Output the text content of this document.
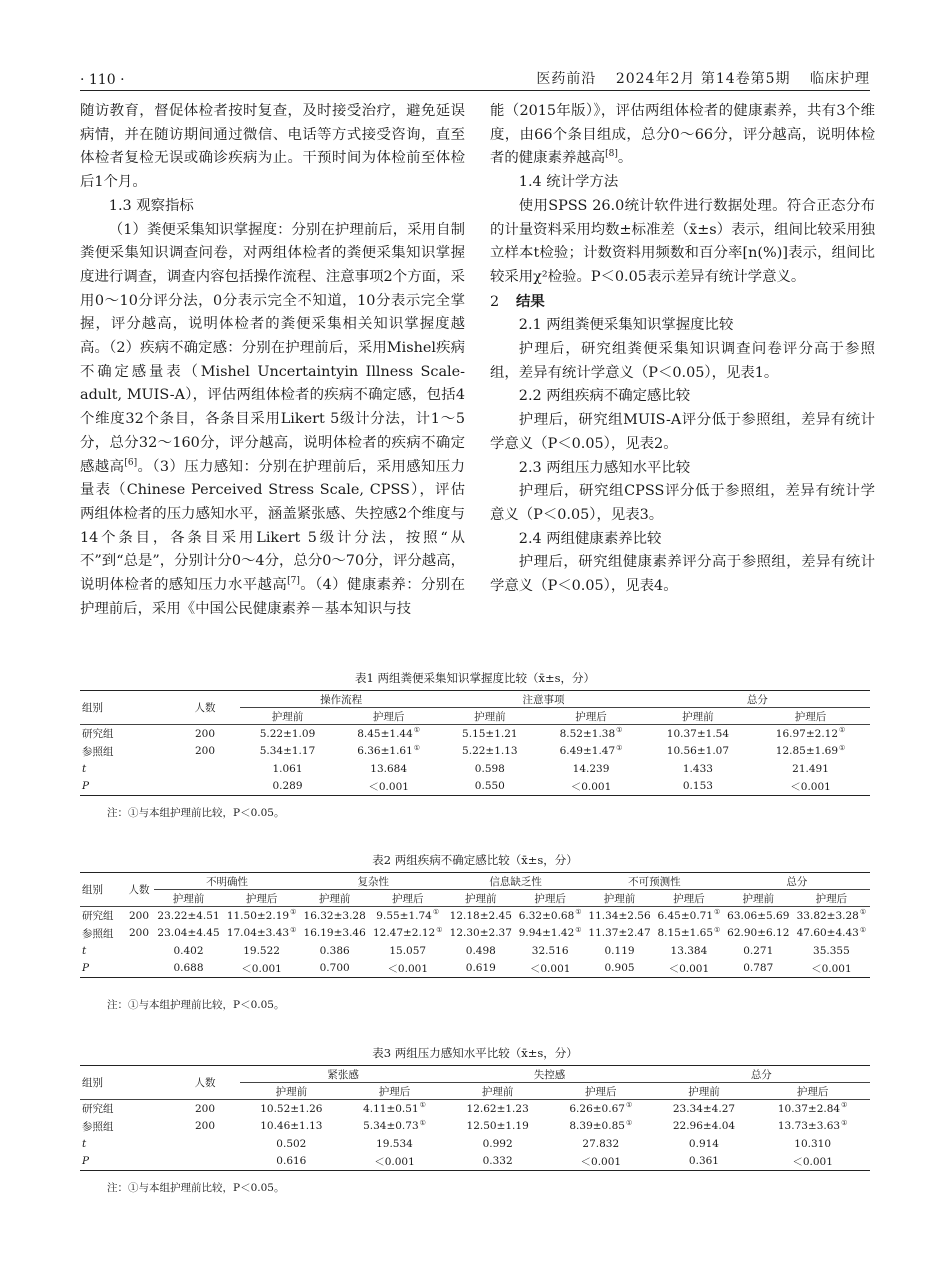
· 110 ·	医药前沿 2024年2月 第14卷第5期 临床护理

随访教育，督促体检者按时复查，及时接受治疗，避免延误病情，并在随访期间通过微信、电话等方式接受咨询，直至体检者复检无误或确诊疾病为止。干预时间为体检前至体检后1个月。

1.3 观察指标

（1）粪便采集知识掌握度：分别在护理前后，采用自制粪便采集知识调查问卷，对两组体检者的粪便采集知识掌握度进行调查，调查内容包括操作流程、注意事项2个方面，采用0～10分评分法，0分表示完全不知道，10分表示完全掌握，评分越高，说明体检者的粪便采集相关知识掌握度越高。（2）疾病不确定感：分别在护理前后，采用Mishel疾病不确定感量表（Mishel Uncertaintyin Illness Scale-adult, MUIS-A），评估两组体检者的疾病不确定感，包括4个维度32个条目，各条目采用Likert 5级计分法，计1～5分，总分32～160分，评分越高，说明体检者的疾病不确定感越高[6]。（3）压力感知：分别在护理前后，采用感知压力量表（Chinese Perceived Stress Scale, CPSS），评估两组体检者的压力感知水平，涵盖紧张感、失控感2个维度与14个条目，各条目采用Likert 5级计分法，按照“从不”到“总是”，分别计分0～4分，总分0～70分，评分越高，说明体检者的感知压力水平越高[7]。（4）健康素养：分别在护理前后，采用《中国公民健康素养－基本知识与技

能（2015年版）》，评估两组体检者的健康素养，共有3个维度，由66个条目组成，总分0～66分，评分越高，说明体检者的健康素养越高[8]。

1.4 统计学方法

使用SPSS 26.0统计软件进行数据处理。符合正态分布的计量资料采用均数±标准差（x̄±s）表示，组间比较采用独立样本t检验；计数资料用频数和百分率[n(%)]表示，组间比较采用χ²检验。P＜0.05表示差异有统计学意义。

2 结果

2.1 两组粪便采集知识掌握度比较

护理后，研究组粪便采集知识调查问卷评分高于参照组，差异有统计学意义（P＜0.05），见表1。

2.2 两组疾病不确定感比较

护理后，研究组MUIS-A评分低于参照组，差异有统计学意义（P＜0.05），见表2。

2.3 两组压力感知水平比较

护理后，研究组CPSS评分低于参照组，差异有统计学意义（P＜0.05），见表3。

2.4 两组健康素养比较

护理后，研究组健康素养评分高于参照组，差异有统计学意义（P＜0.05），见表4。

表1 两组粪便采集知识掌握度比较（x̄±s，分）
组别	人数	操作流程		注意事项		总分	
		护理前	护理后	护理前	护理后	护理前	护理后
研究组	200	5.22±1.09	8.45±1.44①	5.15±1.21	8.52±1.38①	10.37±1.54	16.97±2.12①
参照组	200	5.34±1.17	6.36±1.61①	5.22±1.13	6.49±1.47①	10.56±1.07	12.85±1.69①
t		1.061	13.684	0.598	14.239	1.433	21.491
P		0.289	＜0.001	0.550	＜0.001	0.153	＜0.001
注：①与本组护理前比较，P＜0.05。
表2 两组疾病不确定感比较（x̄±s，分）
组别	人数	不明确性		复杂性		信息缺乏性		不可预测性		总分	
		护理前	护理后	护理前	护理后	护理前	护理后	护理前	护理后	护理前	护理后
研究组	200	23.22±4.51	11.50±2.19①	16.32±3.28	9.55±1.74①	12.18±2.45	6.32±0.68①	11.34±2.56	6.45±0.71①	63.06±5.69	33.82±3.28①
参照组	200	23.04±4.45	17.04±3.43①	16.19±3.46	12.47±2.12①	12.30±2.37	9.94±1.42①	11.37±2.47	8.15±1.65①	62.90±6.12	47.60±4.43①
t		0.402	19.522	0.386	15.057	0.498	32.516	0.119	13.384	0.271	35.355
P		0.688	＜0.001	0.700	＜0.001	0.619	＜0.001	0.905	＜0.001	0.787	＜0.001
注：①与本组护理前比较，P＜0.05。
表3 两组压力感知水平比较（x̄±s，分）
组别	人数	紧张感		失控感		总分	
		护理前	护理后	护理前	护理后	护理前	护理后
研究组	200	10.52±1.26	4.11±0.51①	12.62±1.23	6.26±0.67①	23.34±4.27	10.37±2.84①
参照组	200	10.46±1.13	5.34±0.73①	12.50±1.19	8.39±0.85①	22.96±4.04	13.73±3.63①
t		0.502	19.534	0.992	27.832	0.914	10.310
P		0.616	＜0.001	0.332	＜0.001	0.361	＜0.001
注：①与本组护理前比较，P＜0.05。
